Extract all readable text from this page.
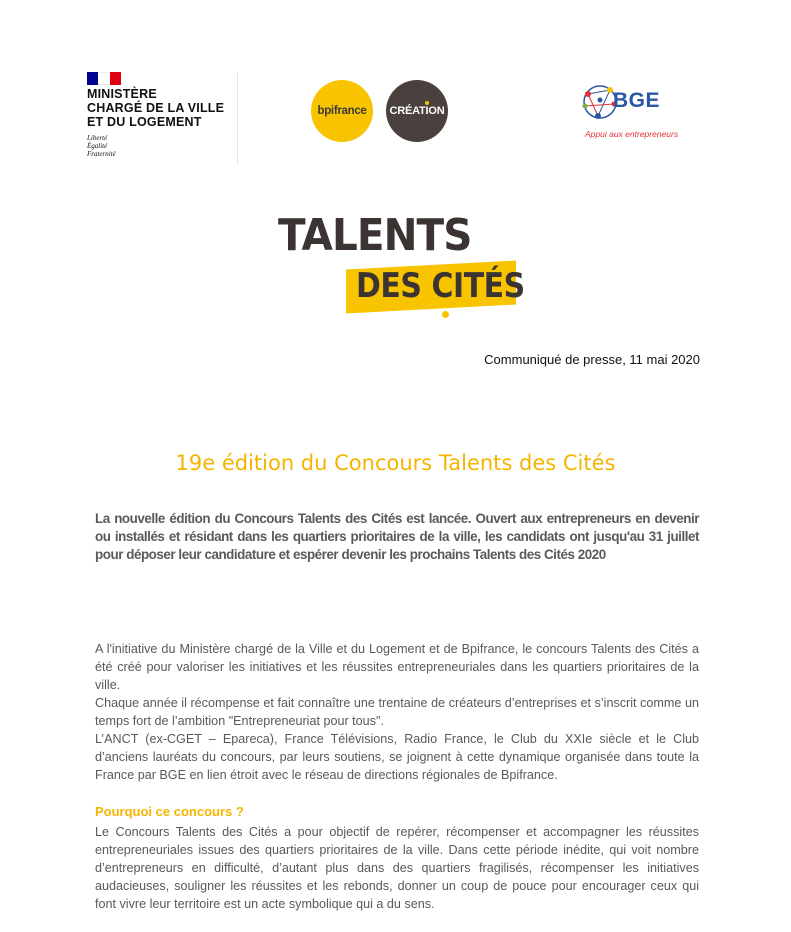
MINISTÈRE
CHARGÉ DE LA VILLE
ET DU LOGEMENT
Liberté
Égalité
Fraternité
bpifrance CRÉAT I ON	BGE
Appui aux entrepreneurs
TALENTS
DES CITÉS
Communiqué de presse, 11 mai 2020
19e édition du Concours Talents des Cités
La nouvelle édition du Concours Talents des Cités est lancée. Ouvert aux entrepreneurs en devenir ou installés et résidant dans les quartiers prioritaires de la ville, les candidats ont jusqu'au 31 juillet pour déposer leur candidature et espérer devenir les prochains Talents des Cités 2020

A l'initiative du Ministère chargé de la Ville et du Logement et de Bpifrance, le concours Talents des Cités a été créé pour valoriser les initiatives et les réussites entrepreneuriales dans les quartiers prioritaires de la ville.

Chaque année il récompense et fait connaître une trentaine de créateurs d’entreprises et s’inscrit comme un temps fort de l’ambition "Entrepreneuriat pour tous".

L’ANCT (ex-CGET – Epareca), France Télévisions, Radio France, le Club du XXIe siècle et le Club d’anciens lauréats du concours, par leurs soutiens, se joignent à cette dynamique organisée dans toute la France par BGE en lien étroit avec le réseau de directions régionales de Bpifrance.

Pourquoi ce concours ?
Le Concours Talents des Cités a pour objectif de repérer, récompenser et accompagner les réussites entrepreneuriales issues des quartiers prioritaires de la ville. Dans cette période inédite, qui voit nombre d’entrepreneurs en difficulté, d’autant plus dans des quartiers fragilisés, récompenser les initiatives audacieuses, souligner les réussites et les rebonds, donner un coup de pouce pour encourager ceux qui font vivre leur territoire est un acte symbolique qui a du sens.
